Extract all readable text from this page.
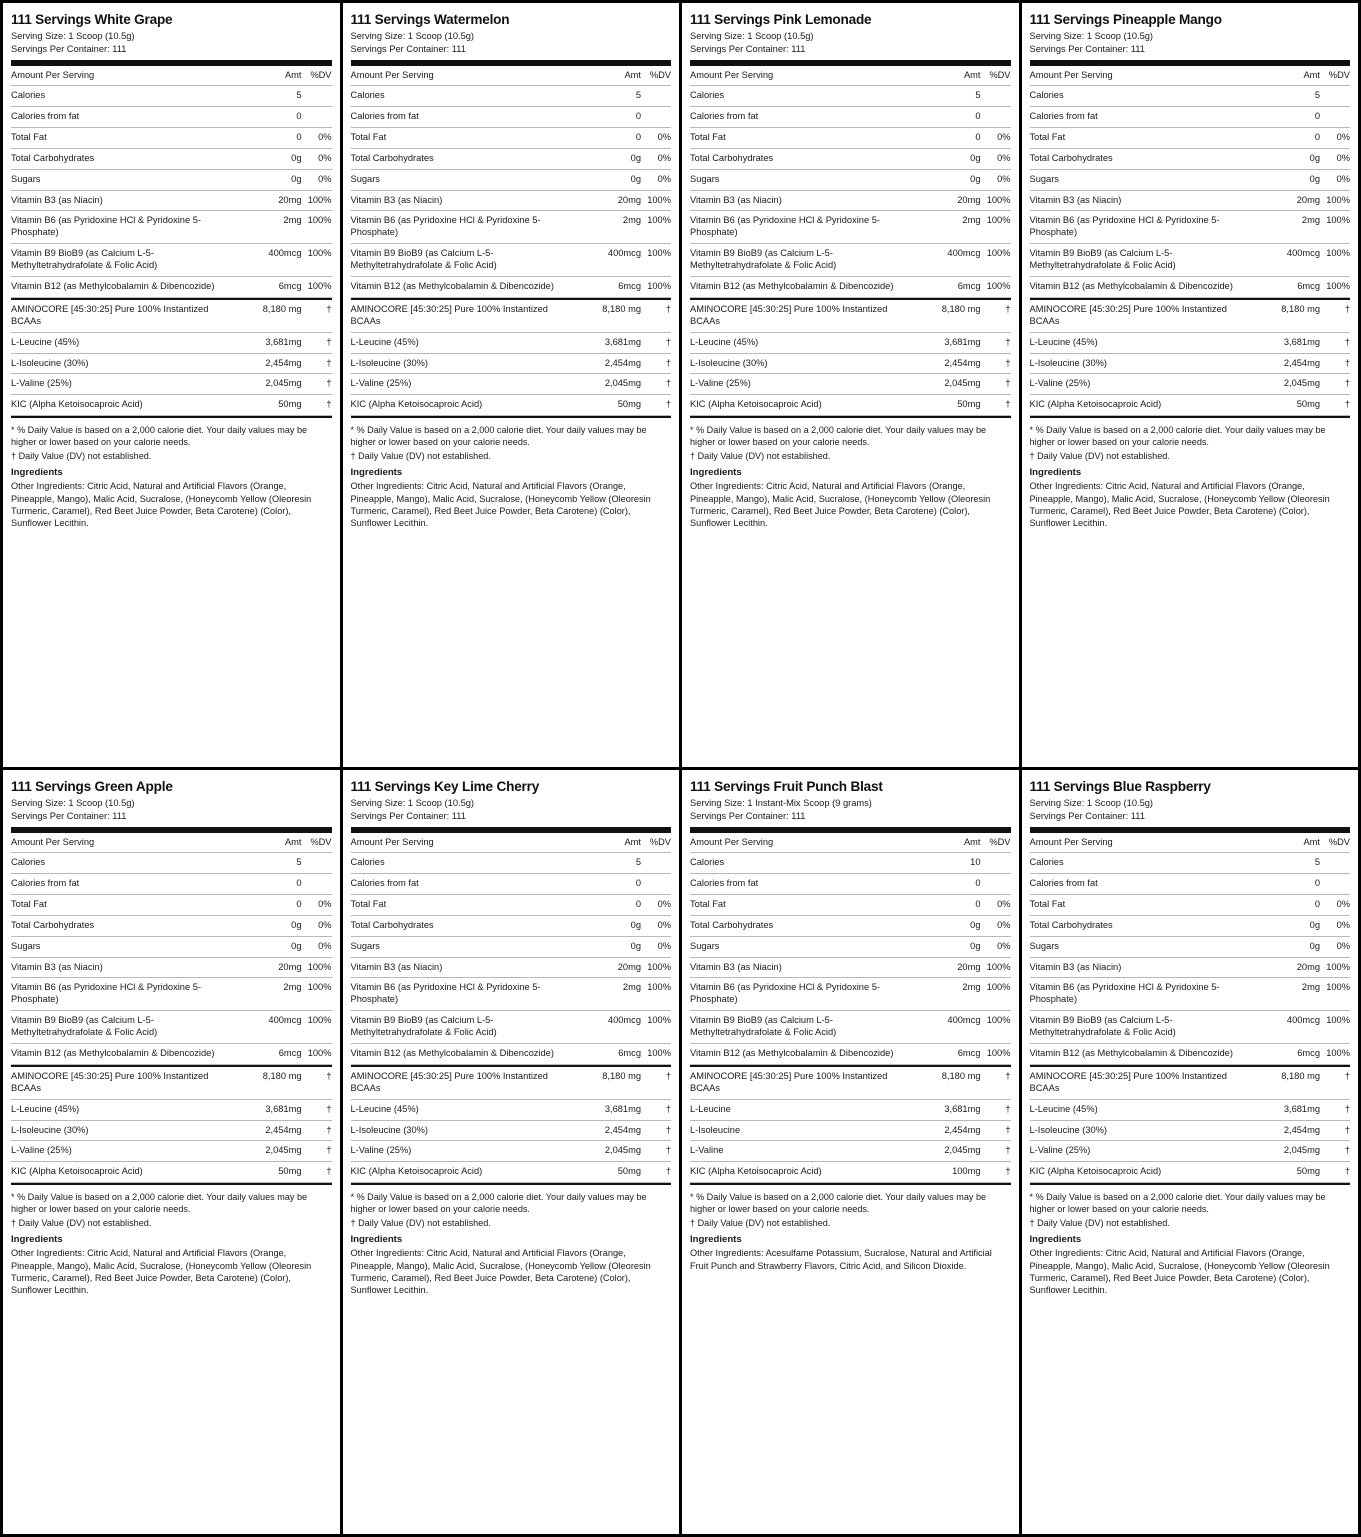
111 Servings White Grape
Serving Size: 1 Scoop (10.5g)
Servings Per Container: 111
Amount Per Serving	Amt %DV
Calories	5
Calories from fat	0
Total Fat	0	0%
Total Carbohydrates	0g	0%
Sugars	0g	0%
Vitamin B3 (as Niacin)	20mg 100%
Vitamin B6 (as Pyridoxine HCl & Pyridoxine 5-Phosphate)
2mg 100%
Vitamin B9 BioB9 (as Calcium L-5-Methyltetrahydrafolate & Folic Acid)
400mcg 100%
Vitamin B12 (as Methylcobalamin & Dibencozide)	6mcg 100%
AMINOCORE [45:30:25] Pure 100% Instantized BCAAs
8,180 mg	†
L-Leucine (45%)	3,681mg	†
L-Isoleucine (30%)	2,454mg	†
L-Valine (25%)	2,045mg	†
KIC (Alpha Ketoisocaproic Acid)	50mg	†
* % Daily Value is based on a 2,000 calorie diet. Your daily values may be higher or lower based on your calorie needs.
† Daily Value (DV) not established.
Ingredients
Other Ingredients: Citric Acid, Natural and Artificial Flavors (Orange, Pineapple, Mango), Malic Acid, Sucralose, (Honeycomb Yellow (Oleoresin Turmeric, Caramel), Red Beet Juice Powder, Beta Carotene) (Color), Sunflower Lecithin.
111 Servings Watermelon
Serving Size: 1 Scoop (10.5g)
Servings Per Container: 111
Amount Per Serving	Amt %DV
Calories	5
Calories from fat	0
Total Fat	0	0%
Total Carbohydrates	0g	0%
Sugars	0g	0%
Vitamin B3 (as Niacin)	20mg 100%
Vitamin B6 (as Pyridoxine HCl & Pyridoxine 5-Phosphate)
2mg 100%
Vitamin B9 BioB9 (as Calcium L-5-Methyltetrahydrafolate & Folic Acid)
400mcg 100%
Vitamin B12 (as Methylcobalamin & Dibencozide)	6mcg 100%
AMINOCORE [45:30:25] Pure 100% Instantized BCAAs
8,180 mg	†
L-Leucine (45%)	3,681mg	†
L-Isoleucine (30%)	2,454mg	†
L-Valine (25%)	2,045mg	†
KIC (Alpha Ketoisocaproic Acid)	50mg	†
* % Daily Value is based on a 2,000 calorie diet. Your daily values may be higher or lower based on your calorie needs.
† Daily Value (DV) not established.
Ingredients
Other Ingredients: Citric Acid, Natural and Artificial Flavors (Orange, Pineapple, Mango), Malic Acid, Sucralose, (Honeycomb Yellow (Oleoresin Turmeric, Caramel), Red Beet Juice Powder, Beta Carotene) (Color), Sunflower Lecithin.
111 Servings Pink Lemonade
Serving Size: 1 Scoop (10.5g)
Servings Per Container: 111
Amount Per Serving	Amt %DV
Calories	5
Calories from fat	0
Total Fat	0	0%
Total Carbohydrates	0g	0%
Sugars	0g	0%
Vitamin B3 (as Niacin)	20mg 100%
Vitamin B6 (as Pyridoxine HCl & Pyridoxine 5-Phosphate)
2mg 100%
Vitamin B9 BioB9 (as Calcium L-5-Methyltetrahydrafolate & Folic Acid)
400mcg 100%
Vitamin B12 (as Methylcobalamin & Dibencozide)	6mcg 100%
AMINOCORE [45:30:25] Pure 100% Instantized BCAAs
8,180 mg	†
L-Leucine (45%)	3,681mg	†
L-Isoleucine (30%)	2,454mg	†
L-Valine (25%)	2,045mg	†
KIC (Alpha Ketoisocaproic Acid)	50mg	†
* % Daily Value is based on a 2,000 calorie diet. Your daily values may be higher or lower based on your calorie needs.
† Daily Value (DV) not established.
Ingredients
Other Ingredients: Citric Acid, Natural and Artificial Flavors (Orange, Pineapple, Mango), Malic Acid, Sucralose, (Honeycomb Yellow (Oleoresin Turmeric, Caramel), Red Beet Juice Powder, Beta Carotene) (Color), Sunflower Lecithin.
111 Servings Pineapple Mango
Serving Size: 1 Scoop (10.5g)
Servings Per Container: 111
Amount Per Serving	Amt %DV
Calories	5
Calories from fat	0
Total Fat	0	0%
Total Carbohydrates	0g	0%
Sugars	0g	0%
Vitamin B3 (as Niacin)	20mg 100%
Vitamin B6 (as Pyridoxine HCl & Pyridoxine 5-Phosphate)
2mg 100%
Vitamin B9 BioB9 (as Calcium L-5-Methyltetrahydrafolate & Folic Acid)
400mcg 100%
Vitamin B12 (as Methylcobalamin & Dibencozide)	6mcg 100%
AMINOCORE [45:30:25] Pure 100% Instantized BCAAs
8,180 mg	†
L-Leucine (45%)	3,681mg	†
L-Isoleucine (30%)	2,454mg	†
L-Valine (25%)	2,045mg	†
KIC (Alpha Ketoisocaproic Acid)	50mg	†
* % Daily Value is based on a 2,000 calorie diet. Your daily values may be higher or lower based on your calorie needs.
† Daily Value (DV) not established.
Ingredients
Other Ingredients: Citric Acid, Natural and Artificial Flavors (Orange, Pineapple, Mango), Malic Acid, Sucralose, (Honeycomb Yellow (Oleoresin Turmeric, Caramel), Red Beet Juice Powder, Beta Carotene) (Color), Sunflower Lecithin.
111 Servings Green Apple
Serving Size: 1 Scoop (10.5g)
Servings Per Container: 111
Amount Per Serving	Amt %DV
Calories	5
Calories from fat	0
Total Fat	0	0%
Total Carbohydrates	0g	0%
Sugars	0g	0%
Vitamin B3 (as Niacin)	20mg 100%
Vitamin B6 (as Pyridoxine HCl & Pyridoxine 5-Phosphate)
2mg 100%
Vitamin B9 BioB9 (as Calcium L-5-Methyltetrahydrafolate & Folic Acid)
400mcg 100%
Vitamin B12 (as Methylcobalamin & Dibencozide)	6mcg 100%
AMINOCORE [45:30:25] Pure 100% Instantized BCAAs
8,180 mg	†
L-Leucine (45%)	3,681mg	†
L-Isoleucine (30%)	2,454mg	†
L-Valine (25%)	2,045mg	†
KIC (Alpha Ketoisocaproic Acid)	50mg	†
* % Daily Value is based on a 2,000 calorie diet. Your daily values may be higher or lower based on your calorie needs.
† Daily Value (DV) not established.
Ingredients
Other Ingredients: Citric Acid, Natural and Artificial Flavors (Orange, Pineapple, Mango), Malic Acid, Sucralose, (Honeycomb Yellow (Oleoresin Turmeric, Caramel), Red Beet Juice Powder, Beta Carotene) (Color), Sunflower Lecithin.
111 Servings Key Lime Cherry
Serving Size: 1 Scoop (10.5g)
Servings Per Container: 111
Amount Per Serving	Amt %DV
Calories	5
Calories from fat	0
Total Fat	0	0%
Total Carbohydrates	0g	0%
Sugars	0g	0%
Vitamin B3 (as Niacin)	20mg 100%
Vitamin B6 (as Pyridoxine HCl & Pyridoxine 5-Phosphate)
2mg 100%
Vitamin B9 BioB9 (as Calcium L-5-Methyltetrahydrafolate & Folic Acid)
400mcg 100%
Vitamin B12 (as Methylcobalamin & Dibencozide)	6mcg 100%
AMINOCORE [45:30:25] Pure 100% Instantized BCAAs
8,180 mg	†
L-Leucine (45%)	3,681mg	†
L-Isoleucine (30%)	2,454mg	†
L-Valine (25%)	2,045mg	†
KIC (Alpha Ketoisocaproic Acid)	50mg	†
* % Daily Value is based on a 2,000 calorie diet. Your daily values may be higher or lower based on your calorie needs.
† Daily Value (DV) not established.
Ingredients
Other Ingredients: Citric Acid, Natural and Artificial Flavors (Orange, Pineapple, Mango), Malic Acid, Sucralose, (Honeycomb Yellow (Oleoresin Turmeric, Caramel), Red Beet Juice Powder, Beta Carotene) (Color), Sunflower Lecithin.
111 Servings Fruit Punch Blast
Serving Size: 1 Instant-Mix Scoop (9 grams)
Servings Per Container: 111
Amount Per Serving	Amt %DV
Calories	10
Calories from fat	0
Total Fat	0	0%
Total Carbohydrates	0g	0%
Sugars	0g	0%
Vitamin B3 (as Niacin)	20mg 100%
Vitamin B6 (as Pyridoxine HCl & Pyridoxine 5-Phosphate)
2mg 100%
Vitamin B9 BioB9 (as Calcium L-5-Methyltetrahydrafolate & Folic Acid)
400mcg 100%
Vitamin B12 (as Methylcobalamin & Dibencozide)	6mcg 100%
AMINOCORE [45:30:25] Pure 100% Instantized BCAAs
8,180 mg	†
L-Leucine	3,681mg	†
L-Isoleucine	2,454mg	†
L-Valine	2,045mg	†
KIC (Alpha Ketoisocaproic Acid)	100mg	†
* % Daily Value is based on a 2,000 calorie diet. Your daily values may be higher or lower based on your calorie needs.
† Daily Value (DV) not established.
Ingredients
Other Ingredients: Acesulfame Potassium, Sucralose, Natural and Artificial Fruit Punch and Strawberry Flavors, Citric Acid, and Silicon Dioxide.
111 Servings Blue Raspberry
Serving Size: 1 Scoop (10.5g)
Servings Per Container: 111
Amount Per Serving	Amt %DV
Calories	5
Calories from fat	0
Total Fat	0	0%
Total Carbohydrates	0g	0%
Sugars	0g	0%
Vitamin B3 (as Niacin)	20mg 100%
Vitamin B6 (as Pyridoxine HCl & Pyridoxine 5-Phosphate)
2mg 100%
Vitamin B9 BioB9 (as Calcium L-5-Methyltetrahydrafolate & Folic Acid)
400mcg 100%
Vitamin B12 (as Methylcobalamin & Dibencozide)	6mcg 100%
AMINOCORE [45:30:25] Pure 100% Instantized BCAAs
8,180 mg	†
L-Leucine (45%)	3,681mg	†
L-Isoleucine (30%)	2,454mg	†
L-Valine (25%)	2,045mg	†
KIC (Alpha Ketoisocaproic Acid)	50mg	†
* % Daily Value is based on a 2,000 calorie diet. Your daily values may be higher or lower based on your calorie needs.
† Daily Value (DV) not established.
Ingredients
Other Ingredients: Citric Acid, Natural and Artificial Flavors (Orange, Pineapple, Mango), Malic Acid, Sucralose, (Honeycomb Yellow (Oleoresin Turmeric, Caramel), Red Beet Juice Powder, Beta Carotene) (Color), Sunflower Lecithin.
